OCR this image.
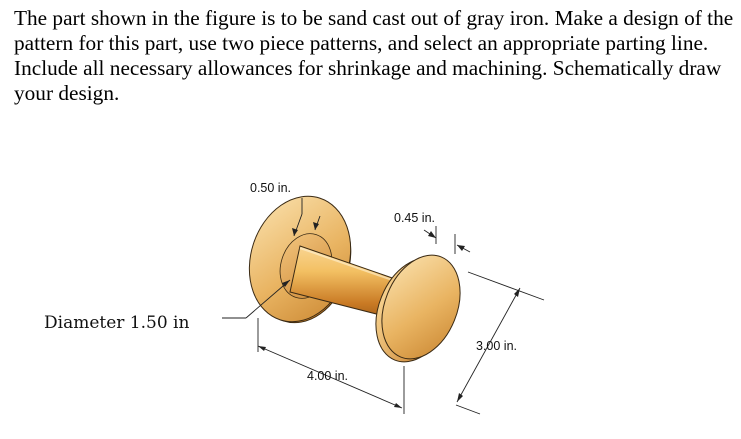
The part shown in the figure is to be sand cast out of gray iron. Make a design of the
pattern for this part, use two piece patterns, and select an appropriate parting line.
Include all necessary allowances for shrinkage and machining. Schematically draw
your design.
Diameter 1.50 in
0.50 in.
0.45 in.
3.00 in.
4.00 in.
